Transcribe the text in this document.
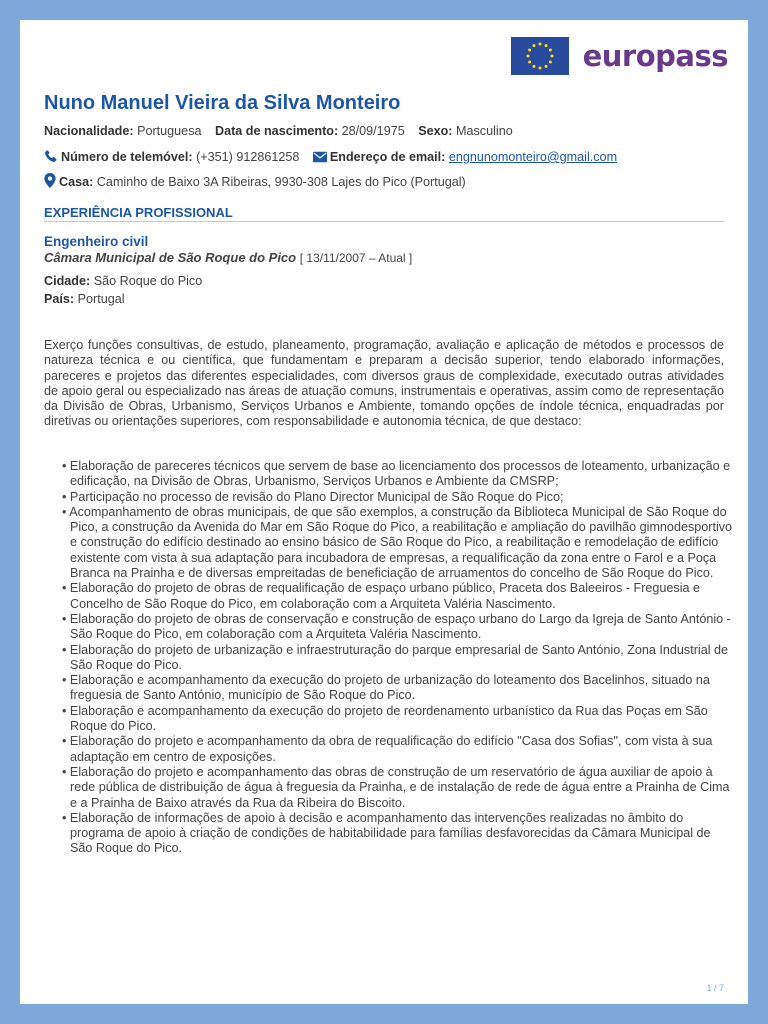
europass
Nuno Manuel Vieira da Silva Monteiro
Nacionalidade: Portuguesa Data de nascimento: 28/09/1975 Sexo: Masculino
Número de telemóvel: (+351) 912861258 Endereço de email: engnunomonteiro@gmail.com
Casa: Caminho de Baixo 3A Ribeiras, 9930-308 Lajes do Pico (Portugal)
EXPERIÊNCIA PROFISSIONAL
Engenheiro civil
Câmara Municipal de São Roque do Pico [ 13/11/2007 – Atual ]
Cidade: São Roque do Pico
País: Portugal
Exerço funções consultivas, de estudo, planeamento, programação, avaliação e aplicação de métodos e processos de natureza técnica e ou científica, que fundamentam e preparam a decisão superior, tendo elaborado informações, pareceres e projetos das diferentes especialidades, com diversos graus de complexidade, executado outras atividades de apoio geral ou especializado nas áreas de atuação comuns, instrumentais e operativas, assim como de representação da Divisão de Obras, Urbanismo, Serviços Urbanos e Ambiente, tomando opções de índole técnica, enquadradas por diretivas ou orientações superiores, com responsabilidade e autonomia técnica, de que destaco:
• Elaboração de pareceres técnicos que servem de base ao licenciamento dos processos de loteamento, urbanização e edificação, na Divisão de Obras, Urbanismo, Serviços Urbanos e Ambiente da CMSRP;
• Participação no processo de revisão do Plano Director Municipal de São Roque do Pico;
• Acompanhamento de obras municipais, de que são exemplos, a construção da Biblioteca Municipal de São Roque do Pico, a construção da Avenida do Mar em São Roque do Pico, a reabilitação e ampliação do pavilhão gimnodesportivo e construção do edifício destinado ao ensino básico de São Roque do Pico, a reabilitação e remodelação de edifício existente com vista à sua adaptação para incubadora de empresas, a requalificação da zona entre o Farol e a Poça Branca na Prainha e de diversas empreitadas de beneficiação de arruamentos do concelho de São Roque do Pico.
• Elaboração do projeto de obras de requalificação de espaço urbano público, Praceta dos Baleeiros - Freguesia e Concelho de São Roque do Pico, em colaboração com a Arquiteta Valéria Nascimento.
• Elaboração do projeto de obras de conservação e construção de espaço urbano do Largo da Igreja de Santo António - São Roque do Pico, em colaboração com a Arquiteta Valéria Nascimento.
• Elaboração do projeto de urbanização e infraestruturação do parque empresarial de Santo António, Zona Industrial de São Roque do Pico.
• Elaboração e acompanhamento da execução do projeto de urbanização do loteamento dos Bacelinhos, situado na freguesia de Santo António, município de São Roque do Pico.
• Elaboração e acompanhamento da execução do projeto de reordenamento urbanístico da Rua das Poças em São Roque do Pico.
• Elaboração do projeto e acompanhamento da obra de requalificação do edifício "Casa dos Sofias", com vista à sua adaptação em centro de exposições.
• Elaboração do projeto e acompanhamento das obras de construção de um reservatório de água auxiliar de apoio à rede pública de distribuição de água à freguesia da Prainha, e de instalação de rede de água entre a Prainha de Cima e a Prainha de Baixo através da Rua da Ribeira do Biscoito.
• Elaboração de informações de apoio à decisão e acompanhamento das intervenções realizadas no âmbito do programa de apoio à criação de condições de habitabilidade para famílias desfavorecidas da Câmara Municipal de São Roque do Pico.
1 / 7
